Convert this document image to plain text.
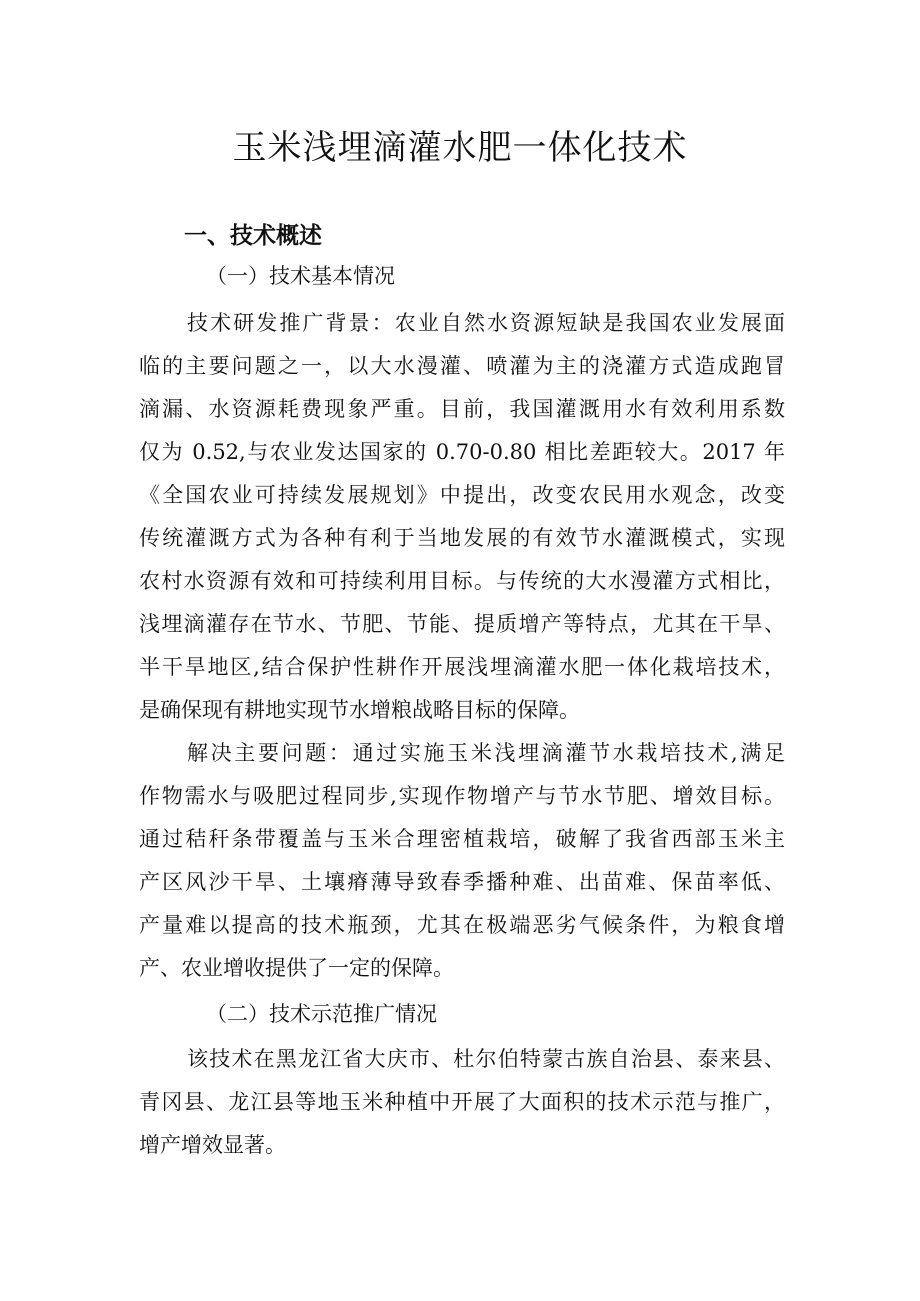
玉米浅埋滴灌水肥一体化技术
一、技术概述
（一）技术基本情况
技术研发推广背景：农业自然水资源短缺是我国农业发展面
临的主要问题之一，以大水漫灌、喷灌为主的浇灌方式造成跑冒
滴漏、水资源耗费现象严重。目前，我国灌溉用水有效利用系数
仅为 0.52,与农业发达国家的 0.70-0.80 相比差距较大。2017 年
《全国农业可持续发展规划》中提出，改变农民用水观念，改变
传统灌溉方式为各种有利于当地发展的有效节水灌溉模式，实现
农村水资源有效和可持续利用目标。与传统的大水漫灌方式相比，
浅埋滴灌存在节水、节肥、节能、提质增产等特点，尤其在干旱、
半干旱地区,结合保护性耕作开展浅埋滴灌水肥一体化栽培技术，
是确保现有耕地实现节水增粮战略目标的保障。
解决主要问题：通过实施玉米浅埋滴灌节水栽培技术,满足
作物需水与吸肥过程同步,实现作物增产与节水节肥、增效目标。
通过秸秆条带覆盖与玉米合理密植栽培，破解了我省西部玉米主
产区风沙干旱、土壤瘠薄导致春季播种难、出苗难、保苗率低、
产量难以提高的技术瓶颈，尤其在极端恶劣气候条件，为粮食增
产、农业增收提供了一定的保障。
（二）技术示范推广情况
该技术在黑龙江省大庆市、杜尔伯特蒙古族自治县、泰来县、
青冈县、龙江县等地玉米种植中开展了大面积的技术示范与推广，
增产增效显著。
